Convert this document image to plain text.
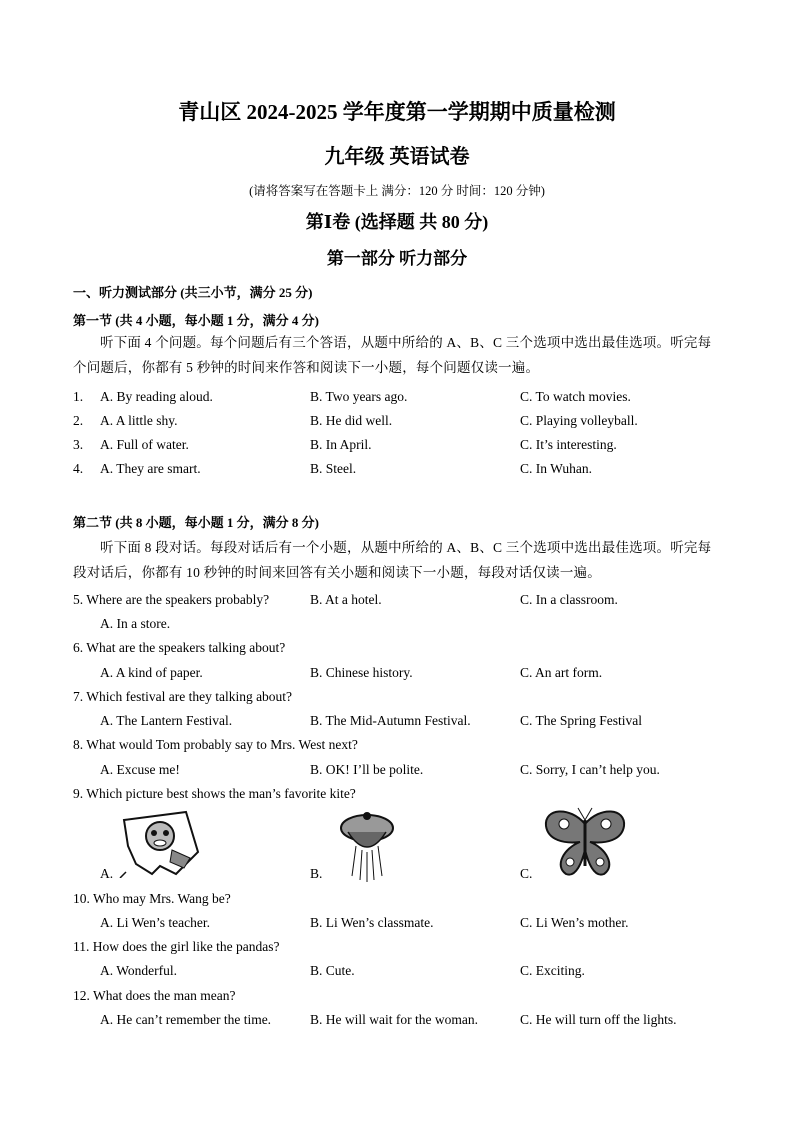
青山区 2024-2025 学年度第一学期期中质量检测
九年级 英语试卷
(请将答案写在答题卡上 满分：120 分 时间：120 分钟)
第Ⅰ卷 (选择题 共 80 分)
第一部分 听力部分
一、听力测试部分 (共三小节，满分 25 分)
第一节 (共 4 小题，每小题 1 分，满分 4 分)

听下面 4 个问题。每个问题后有三个答语，从题中所给的 A、B、C 三个选项中选出最佳选项。听完每个问题后，你都有 5 秒钟的时间来作答和阅读下一小题，每个问题仅读一遍。

1. A. By reading aloud.	B. Two years ago.	C. To watch movies.
2. A. A little shy.	B. He did well.	C. Playing volleyball.
3. A. Full of water.	B. In April.	C. It’s interesting.
4. A. They are smart.	B. Steel.	C. In Wuhan.
第二节 (共 8 小题，每小题 1 分，满分 8 分)

听下面 8 段对话。每段对话后有一个小题，从题中所给的 A、B、C 三个选项中选出最佳选项。听完每段对话后，你都有 10 秒钟的时间来回答有关小题和阅读下一小题，每段对话仅读一遍。

5. Where are the speakers probably?	B. At a hotel.	C. In a classroom.
A. In a store.
6. What are the speakers talking about?
A. A kind of paper.	B. Chinese history.	C. An art form.
7. Which festival are they talking about?
A. The Lantern Festival.	B. The Mid-Autumn Festival.	C. The Spring Festival
8. What would Tom probably say to Mrs. West next?
A. Excuse me!	B. OK! I’ll be polite.	C. Sorry, I can’t help you.
9. Which picture best shows the man’s favorite kite?
A.	B.	C.
10. Who may Mrs. Wang be?
A. Li Wen’s teacher.	B. Li Wen’s classmate.	C. Li Wen’s mother.
11. How does the girl like the pandas?
A. Wonderful.	B. Cute.	C. Exciting.
12. What does the man mean?
A. He can’t remember the time.	B. He will wait for the woman.	C. He will turn off the lights.
